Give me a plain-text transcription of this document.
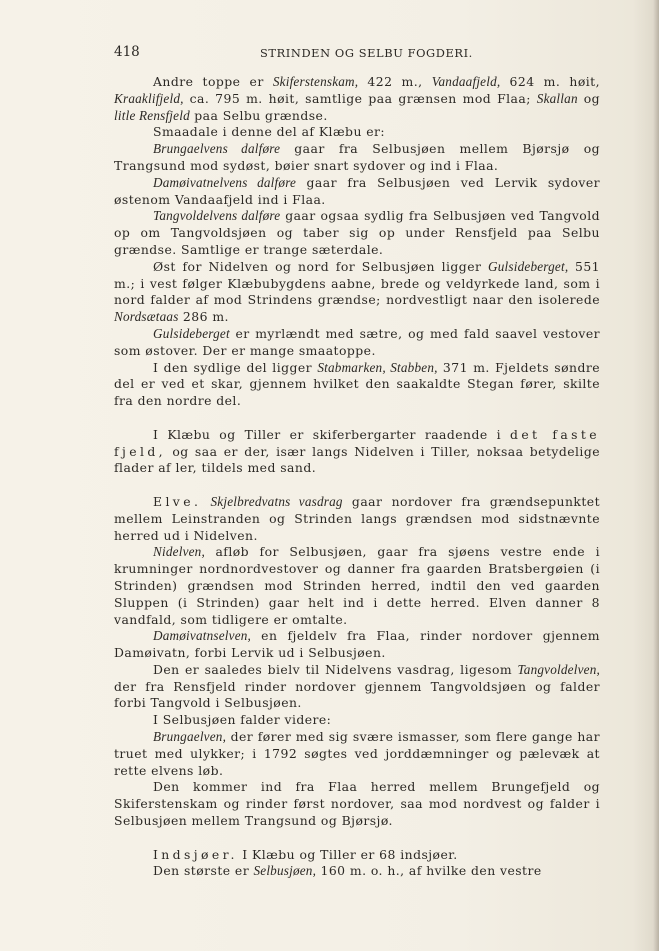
418	STRINDEN OG SELBU FOGDERI.

Andre toppe er Skiferstenskam, 422 m., Vandaafjeld, 624 m. høit, Kraaklifjeld, ca. 795 m. høit, samtlige paa grænsen mod Flaa; Skallan og litle Rensfjeld paa Selbu grændse.

Smaadale i denne del af Klæbu er:

Brungaelvens dalføre gaar fra Selbusjøen mellem Bjørsjø og Trangsund mod sydøst, bøier snart sydover og ind i Flaa.

Damøivatnelvens dalføre gaar fra Selbusjøen ved Lervik sydover østenom Vandaafjeld ind i Flaa.

Tangvoldelvens dalføre gaar ogsaa sydlig fra Selbusjøen ved Tangvold op om Tangvoldsjøen og taber sig op under Rensfjeld paa Selbu grændse. Samtlige er trange sæterdale.

Øst for Nidelven og nord for Selbusjøen ligger Gulsideberget, 551 m.; i vest følger Klæbubygdens aabne, brede og veldyrkede land, som i nord falder af mod Strindens grændse; nordvestligt naar den isolerede Nordsætaas 286 m.

Gulsideberget er myrlændt med sætre, og med fald saavel vestover som østover. Der er mange smaatoppe.

I den sydlige del ligger Stabmarken, Stabben, 371 m. Fjeldets søndre del er ved et skar, gjennem hvilket den saakaldte Stegan fører, skilte fra den nordre del.

I Klæbu og Tiller er skiferbergarter raadende i det faste fjeld, og saa er der, især langs Nidelven i Tiller, noksaa betydelige flader af ler, tildels med sand.

Elve. Skjelbredvatns vasdrag gaar nordover fra grændsepunktet mellem Leinstranden og Strinden langs grændsen mod sidstnævnte herred ud i Nidelven.

Nidelven, afløb for Selbusjøen, gaar fra sjøens vestre ende i krumninger nordnordvestover og danner fra gaarden Bratsbergøien (i Strinden) grændsen mod Strinden herred, indtil den ved gaarden Sluppen (i Strinden) gaar helt ind i dette herred. Elven danner 8 vandfald, som tidligere er omtalte.

Damøivatnselven, en fjeldelv fra Flaa, rinder nordover gjennem Damøivatn, forbi Lervik ud i Selbusjøen.

Den er saaledes bielv til Nidelvens vasdrag, ligesom Tangvoldelven, der fra Rensfjeld rinder nordover gjennem Tangvoldsjøen og falder forbi Tangvold i Selbusjøen.

I Selbusjøen falder videre:

Brungaelven, der fører med sig svære ismasser, som flere gange har truet med ulykker; i 1792 søgtes ved jorddæmninger og pælevæk at rette elvens løb.

Den kommer ind fra Flaa herred mellem Brungefjeld og Skiferstenskam og rinder først nordover, saa mod nordvest og falder i Selbusjøen mellem Trangsund og Bjørsjø.

Indsjøer. I Klæbu og Tiller er 68 indsjøer.

Den største er Selbusjøen, 160 m. o. h., af hvilke den vestre
